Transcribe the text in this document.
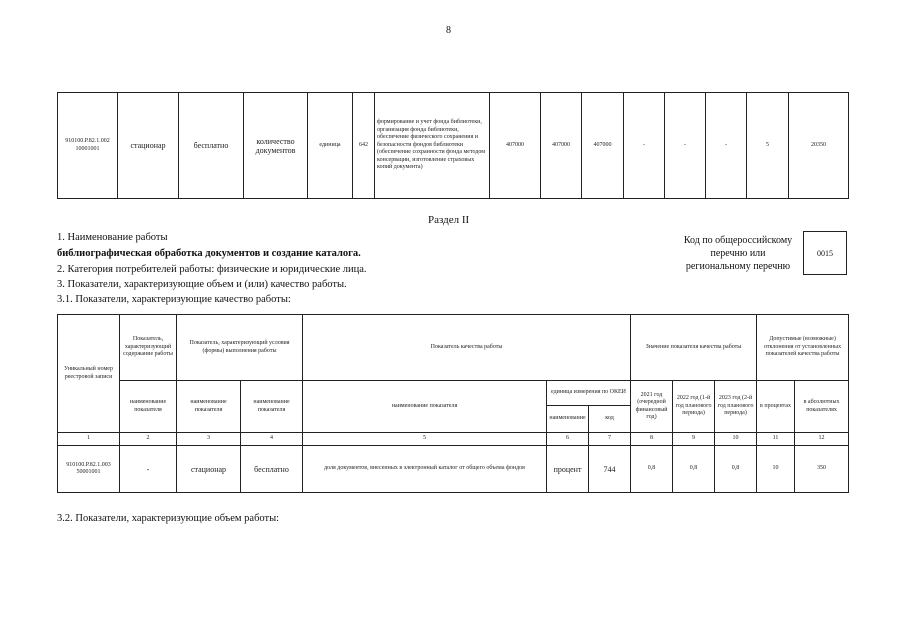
8
910100.Р.82.1.002 10001001	стационар	бесплатно	количество документов	единица	642	формирование и учет фонда библиотеки, организация фонда библиотеки, обеспечение физического сохранения и безопасности фондов библиотеки (обеспечение сохранности фонда методом консервации, изготовление страховых копий документа)	407000	407000	407000	-	-	-	5	20350
Раздел II
1. Наименование работы
библиографическая обработка документов и создание каталога.
2. Категория потребителей работы: физические и юридические лица.
3. Показатели, характеризующие объем и (или) качество работы.
3.1. Показатели, характеризующие качество работы:
Код по общероссийскому перечню или региональному перечню
0015
Уникальный номер реестровой записи	Показатель, характеризующий содержание работы	Показатель, характеризующий условия (формы) выполнения работы		Показатель качества работы			Значение показателя качества работы			Допустимые (возможные) отклонения от установленных показателей качества работы	
	наименование показателя	наименование показателя	наименование показателя	наименование показателя	единица измерения по ОКЕИ		2021 год (очередной финансовый год)	2022 год (1-й год планового периода)	2023 год (2-й год планового периода)	в процентах	в абсолютных показателях
					наименование	код					
1	2	3	4	5	6	7	8	9	10	11	12
910100.Р.82.1.003 50001001	-	стационар	бесплатно	доля документов, внесенных в электронный каталог от общего объема фондов	процент	744	0,8	0,8	0,8	10	350
3.2. Показатели, характеризующие объем работы:
